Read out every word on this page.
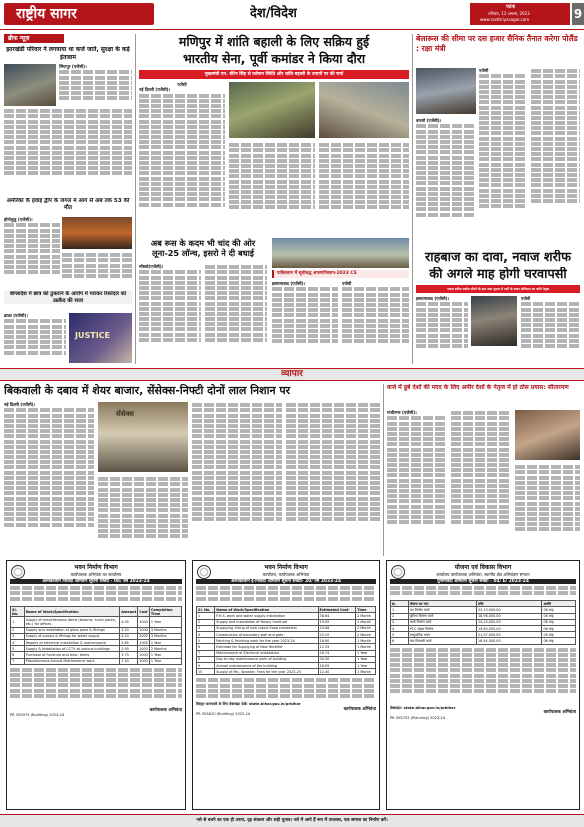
राष्ट्रीय सागर	देश/विदेश	पटना
शनिवार, 12 अगस्त, 2023
www.rashtriyasagar.com	9
ब्रीफ न्यूज़
झारखंडी परिवार ने लगवाया था कर्ज जाते, सुरक्षा के कड़े इंतजाम
सिंगापुर (एजेंसी)।
अमेरिका के हवाई द्वीप के जंगल में आग से अब तक 53 की मौत
होनोलुलु (एजेंसी)।
बांग्लादेश में छात्र को ठुकराने के आरोप में मारकर रिश्तेदार को उम्रकैद की सजा
ढाका (एजेंसी)।
JUSTICE
मणिपुर में शांति बहाली के लिए सक्रिय हुई
भारतीय सेना, पूर्वी कमांडर ने किया दौरा
मुख्यमंत्री एन. बीरेन सिंह से वर्तमान स्थिति और शांति बहाली के उपायों पर की चर्चा
एजेंसी
नई दिल्ली (एजेंसी)।
बेलारूस की सीमा पर दस हजार सैनिक तैनात करेगा पोलैंड : रक्षा मंत्री
एजेंसी
वारसॉ (एजेंसी)।
अब रूस के कदम भी चांद की ओर लूना-25 लॉन्च, इसरो ने दी बधाई
मॉस्को(एजेंसी)।
पाकिस्तान में सूचीबद्ध अफगानिस्तान-2023 CS
इस्लामाबाद (एजेंसी)।	एजेंसी
राहबाज का दावा, नवाज शरीफ
की अगले माह होगी घरवापसी
नवाज शरीफ स्वदेश लौटने के बाद आम चुनाव में पार्टी के प्रचार अभियान का करेंगे नेतृत्व
इस्लामाबाद (एजेंसी)।	एजेंसी
व्यापार
बिकवाली के दबाव में शेयर बाजार, सेंसेक्स-निफ्टी दोनों लाल निशान पर
नई दिल्ली (एजेंसी)।
सेंसेक्स
कर्ज में डूबे देशों की मदद के लिए अमीर देशों के नेतृत्व में हो ठोस प्रयास: सीतारमण
गांधीनगर (एजेंसी)।
भवन निर्माण विभाग
कार्यपालक अभियंता का कार्यालय
अल्पकालीन निविदा आमंत्रण सूचना संख्या - 08/ वर्ष 2023-24
Sl. No.	Name of Work/Specification	Amount	Cost	Completion Time
1	Supply of miscellaneous items (brooms, lunch packs, etc.) for offices	4.05	1000	1 Year
2	Supply and installation of glass pane & fittings	3.20	1000	3 Months
3	Supply of pumps & fittings for water supply	4.10	1000	3 Months
4	Repairs of electrical installation & maintenance	3.85	1000	1 Year
5	Supply & Installation of CCTV at various buildings	2.90	1000	2 Months
6	Purchase of furniture and misc. items	3.75	1000	1 Year
7	Miscellaneous Annual Maintenance work	2.40	1000	1 Year
कार्यपालक अभियंता
PR 305975 (Building) 2023-24
भवन निर्माण विभाग
कार्यालय, कार्यपालक अभियंता
अल्पकालीन ई-निविदा आमंत्रण सूचना संख्या- 20/ वर्ष 2023-24
Sl. No.	Name of Work/Specification	Estimated Cost	Time
1	P.H.S. work and water supply installation	38.64	2 Month
2	Supply and installation of library furniture	19.05	1 Month
3	Supplying, fixing of new Liquid Soap containers	24.06	2 Month
4	Construction of boundary wall and gate	25.10	2 Month
5	Painting & finishing work for the year 2023-24	16.90	1 Month
6	Estimate for Supplying of New Rectifier	12.33	1 Month
7	Maintenance of Electrical installation	18.74	1 Year
8	Day to day maintenance work of building	30.30	1 Year
9	Annual maintenance of the building	16.09	1 Year
10	Supply of Mic, Speaker, Fans for the year 2023-24	12.40	1 Month
विस्तृत जानकारी के लिए वेबसाइट देखें: state.bihar.gov.in/prbihar
कार्यपालक अभियंता
PR 305810 (Building) 2023-24
योजना एवं विकास विभाग
कार्यालय कार्यपालक अभियंता, स्थानीय क्षेत्र अभियंत्रण संगठन
पुनर्निविदा आमंत्रण सूचना संख्या - 04/ E/ 2023-24
क्र.	योजना का नाम	राशि	अवधि
1	पथ निर्माण कार्य	23,13,000.00	06 माह
2	पुलिया निर्माण कार्य	18,96,000.00	06 माह
3	नाली निर्माण कार्य	24,15,000.00	06 माह
4	PCC सड़क निर्माण	19,80,000.00	06 माह
5	सामुदायिक भवन	21,57,000.00	09 माह
6	जल निकासी कार्य	16,44,000.00	06 माह
वेबसाइट: state.bihar.gov.in/prbihar
कार्यपालक अभियंता
PR 305752 (Planning) 2023-24
नशे से बचने का एक ही उपाय, दृढ़ संकल्प और सही चुनाव। नशे में आये हैं रूप में उपलब्ध, एक समाज का निर्माण करें।
